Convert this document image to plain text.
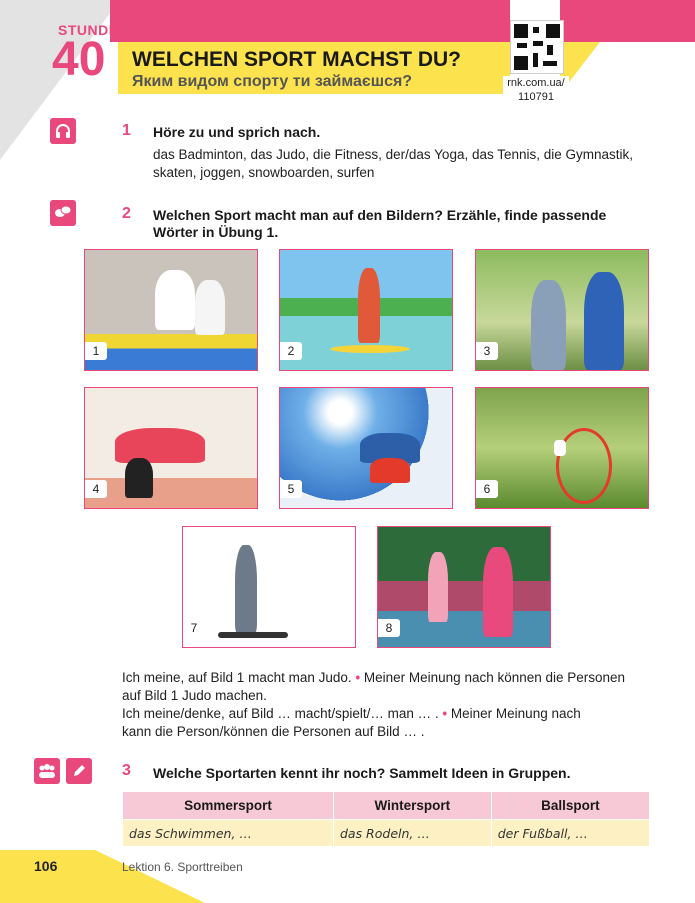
STUNDE
40 WELCHEN SPORT MACHST DU?
Яким видом спорту ти займаєшся?	rnk.com.ua/
110791
1 Höre zu und sprich nach.
das Badminton, das Judo, die Fitness, der/das Yoga, das Tennis, die Gymnastik,
skaten, joggen, snowboarden, surfen
2 Welchen Sport macht man auf den Bildern? Erzähle, finde passende
Wörter in Übung 1.
1	2	3
4	5	6
7	8
Ich meine, auf Bild 1 macht man Judo. • Meiner Meinung nach können die Personen
auf Bild 1 Judo machen.
Ich meine/denke, auf Bild … macht/spielt/… man … . • Meiner Meinung nach
kann die Person/können die Personen auf Bild … .
3 Welche Sportarten kennt ihr noch? Sammelt Ideen in Gruppen.
Sommersport	Wintersport	Ballsport
das Schwimmen, …	das Rodeln, …	der Fußball, …
106	Lektion 6. Sporttreiben
